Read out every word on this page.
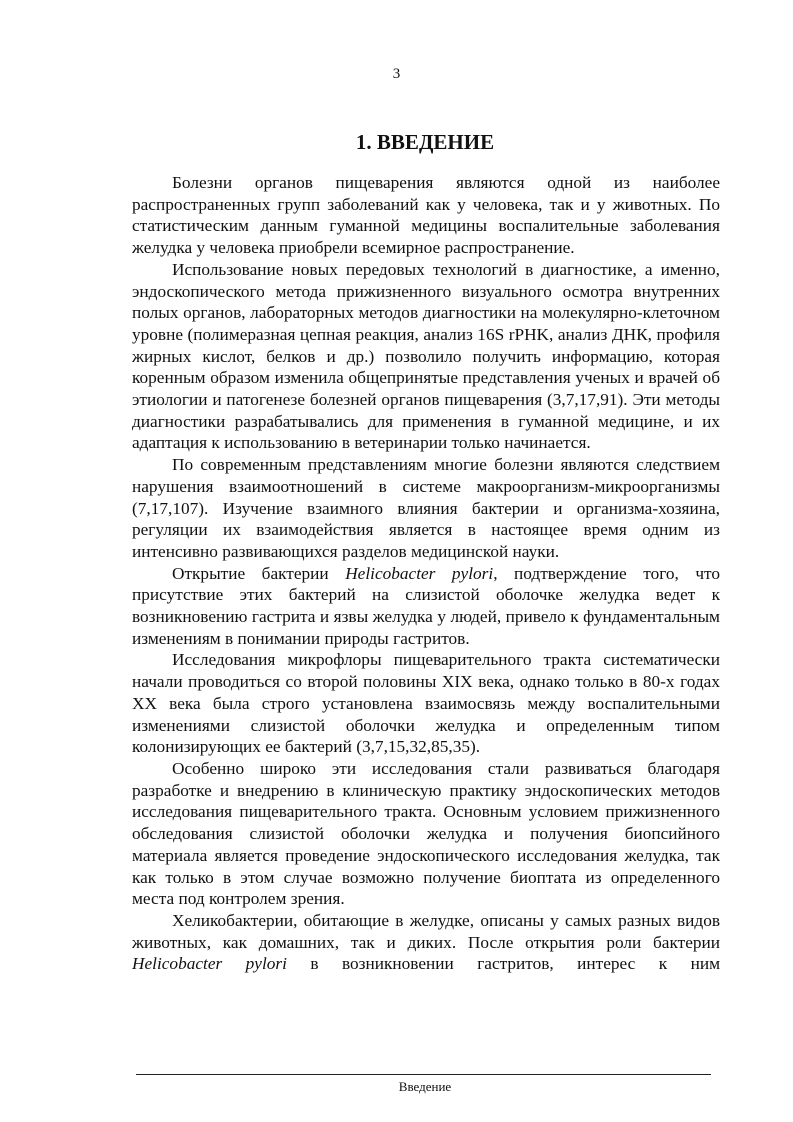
3
1. ВВЕДЕНИЕ

Болезни органов пищеварения являются одной из наиболее распространенных групп заболеваний как у человека, так и у животных. По статистическим данным гуманной медицины воспалительные заболевания желудка у человека приобрели всемирное распространение.

Использование новых передовых технологий в диагностике, а именно, эндоскопического метода прижизненного визуального осмотра внутренних полых органов, лабораторных методов диагностики на молекулярно-клеточном уровне (полимеразная цепная реакция, анализ 16S rPHK, анализ ДНК, профиля жирных кислот, белков и др.) позволило получить информацию, которая коренным образом изменила общепринятые представления ученых и врачей об этиологии и патогенезе болезней органов пищеварения (3,7,17,91). Эти методы диагностики разрабатывались для применения в гуманной медицине, и их адаптация к использованию в ветеринарии только начинается.

По современным представлениям многие болезни являются следствием нарушения взаимоотношений в системе макроорганизм-микроорганизмы (7,17,107). Изучение взаимного влияния бактерии и организма-хозяина, регуляции их взаимодействия является в настоящее время одним из интенсивно развивающихся разделов медицинской науки.

Открытие бактерии Helicobacter pylori, подтверждение того, что присутствие этих бактерий на слизистой оболочке желудка ведет к возникновению гастрита и язвы желудка у людей, привело к фундаментальным изменениям в понимании природы гастритов.

Исследования микрофлоры пищеварительного тракта систематически начали проводиться со второй половины XIX века, однако только в 80-х годах XX века была строго установлена взаимосвязь между воспалительными изменениями слизистой оболочки желудка и определенным типом колонизирующих ее бактерий (3,7,15,32,85,35).

Особенно широко эти исследования стали развиваться благодаря разработке и внедрению в клиническую практику эндоскопических методов исследования пищеварительного тракта. Основным условием прижизненного обследования слизистой оболочки желудка и получения биопсийного материала является проведение эндоскопического исследования желудка, так как только в этом случае возможно получение биоптата из определенного места под контролем зрения.

Хеликобактерии, обитающие в желудке, описаны у самых разных видов животных, как домашних, так и диких. После открытия роли бактерии Helicobacter pylori в возникновении гастритов, интерес к ним

Введение
